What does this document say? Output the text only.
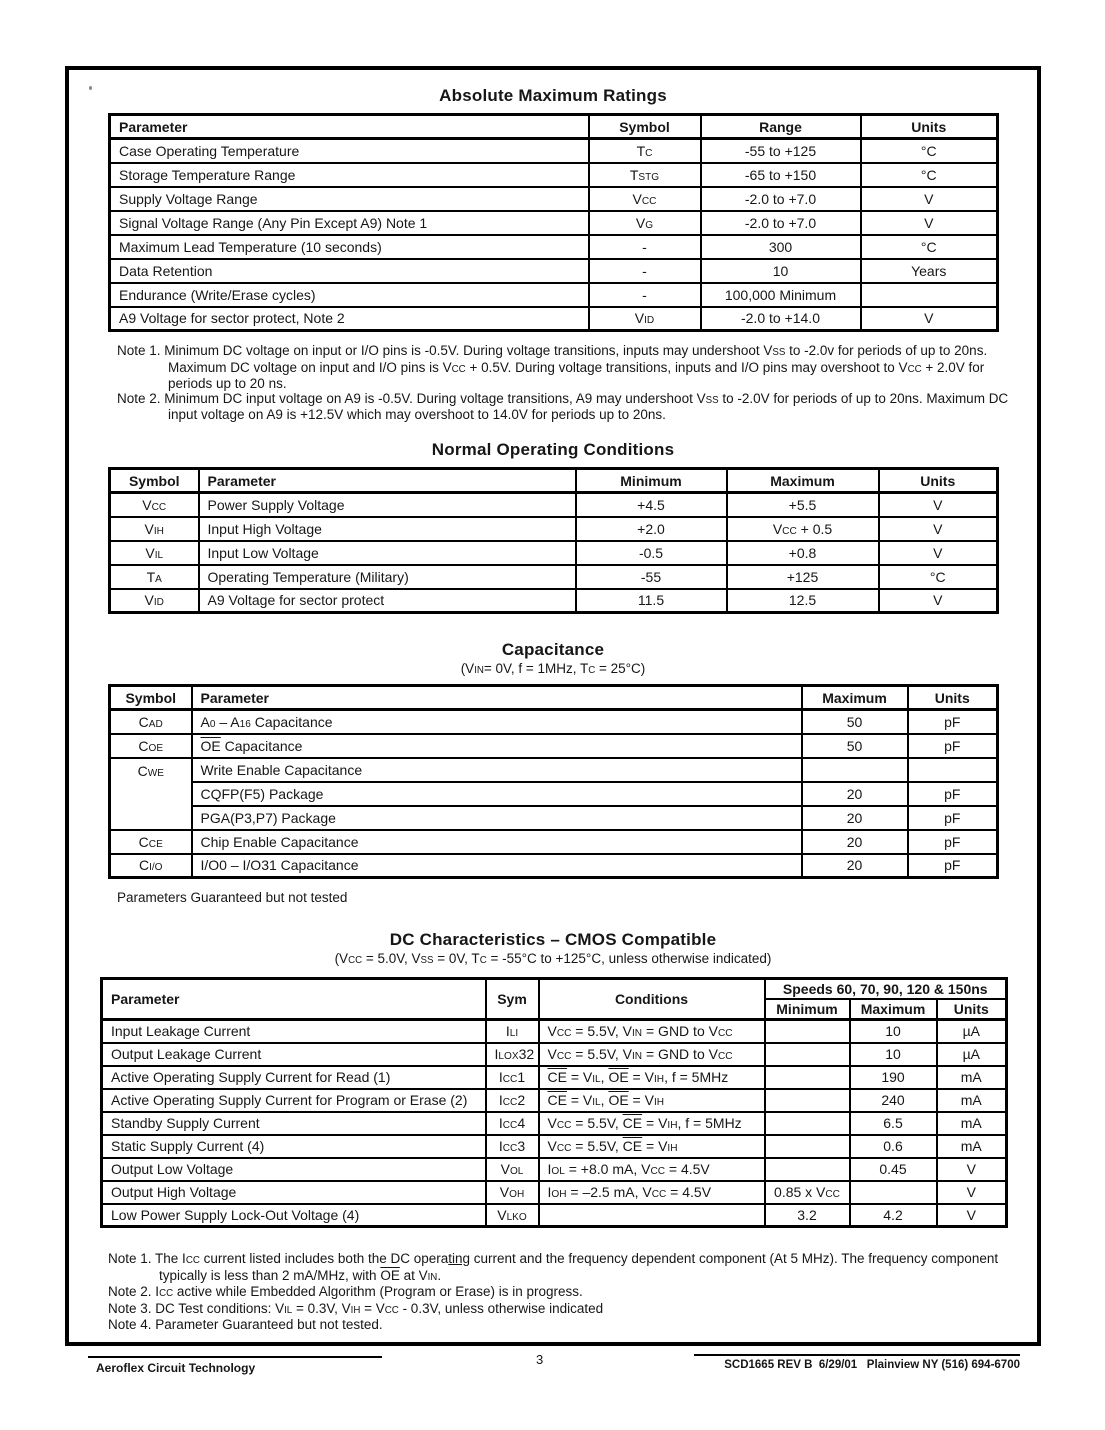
Absolute Maximum Ratings
Parameter	Symbol	Range	Units
Case Operating Temperature	TC	-55 to +125	°C
Storage Temperature Range	TSTG	-65 to +150	°C
Supply Voltage Range	VCC	-2.0 to +7.0	V
Signal Voltage Range (Any Pin Except A9) Note 1	VG	-2.0 to +7.0	V
Maximum Lead Temperature (10 seconds)	-	300	°C
Data Retention	-	10	Years
Endurance (Write/Erase cycles)	-	100,000 Minimum	
A9 Voltage for sector protect, Note 2	VID	-2.0 to +14.0	V

Note 1. Minimum DC voltage on input or I/O pins is -0.5V. During voltage transitions, inputs may undershoot VSS to -2.0v for periods of up to 20ns. Maximum DC voltage on input and I/O pins is VCC + 0.5V. During voltage transitions, inputs and I/O pins may overshoot to VCC + 2.0V for periods up to 20 ns.

Note 2. Minimum DC input voltage on A9 is -0.5V. During voltage transitions, A9 may undershoot VSS to -2.0V for periods of up to 20ns. Maximum DC input voltage on A9 is +12.5V which may overshoot to 14.0V for periods up to 20ns.

Normal Operating Conditions
Symbol	Parameter	Minimum	Maximum	Units
VCC	Power Supply Voltage	+4.5	+5.5	V
VIH	Input High Voltage	+2.0	VCC + 0.5	V
VIL	Input Low Voltage	-0.5	+0.8	V
TA	Operating Temperature (Military)	-55	+125	°C
VID	A9 Voltage for sector protect	11.5	12.5	V
Capacitance
(VIN= 0V, f = 1MHz, TC = 25°C)
Symbol	Parameter	Maximum	Units
CAD	A0 – A16 Capacitance	50	pF
COE	$\overline{OE}$ Capacitance	50	pF
CWE	Write Enable Capacitance		
	CQFP(F5) Package	20	pF
	PGA(P3,P7) Package	20	pF
CCE	Chip Enable Capacitance	20	pF
CI/O	I/O0 – I/O31 Capacitance	20	pF
Parameters Guaranteed but not tested
DC Characteristics – CMOS Compatible
(VCC = 5.0V, VSS = 0V, TC = -55°C to +125°C, unless otherwise indicated)
Parameter	Sym	Conditions	Speeds 60, 70, 90, 120 & 150ns		
			Minimum	Maximum	Units
Input Leakage Current	ILI	VCC = 5.5V, VIN = GND to VCC		10	µA
Output Leakage Current	ILOX32	VCC = 5.5V, VIN = GND to VCC		10	µA
Active Operating Supply Current for Read (1)	ICC1	$\overline{CE}$ = VIL, $\overline{OE}$ = VIH, f = 5MHz		190	mA
Active Operating Supply Current for Program or Erase (2)	ICC2	$\overline{CE}$ = VIL, $\overline{OE}$ = VIH		240	mA
Standby Supply Current	ICC4	VCC = 5.5V, $\overline{CE}$ = VIH, f = 5MHz		6.5	mA
Static Supply Current (4)	ICC3	VCC = 5.5V, $\overline{CE}$ = VIH		0.6	mA
Output Low Voltage	VOL	IOL = +8.0 mA, VCC = 4.5V		0.45	V
Output High Voltage	VOH	IOH = –2.5 mA, VCC = 4.5V	0.85 x VCC		V
Low Power Supply Lock-Out Voltage (4)	VLKO		3.2	4.2	V

Note 1. The ICC current listed includes both the DC operating current and the frequency dependent component (At 5 MHz). The frequency component typically is less than 2 mA/MHz, with $\overline{OE}$ at VIN.

Note 2. ICC active while Embedded Algorithm (Program or Erase) is in progress.

Note 3. DC Test conditions: VIL = 0.3V, VIH = VCC - 0.3V, unless otherwise indicated

Note 4. Parameter Guaranteed but not tested.

Aeroflex Circuit Technology
3	SCD1665 REV B  6/29/01   Plainview NY (516) 694-6700
